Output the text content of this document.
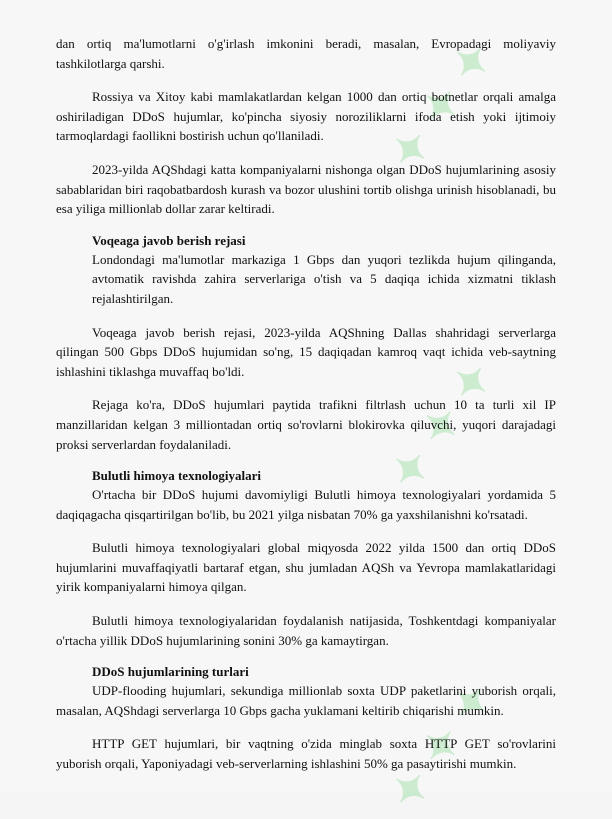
✦ ✦ ✦
✦ ✦ ✦
✦ ✦ ✦

dan ortiq ma'lumotlarni o'g'irlash imkonini beradi, masalan, Evropadagi moliyaviy tashkilotlarga qarshi.

Rossiya va Xitoy kabi mamlakatlardan kelgan 1000 dan ortiq botnetlar orqali amalga oshiriladigan DDoS hujumlar, ko'pincha siyosiy noroziliklarni ifoda etish yoki ijtimoiy tarmoqlardagi faollikni bostirish uchun qo'llaniladi.

2023-yilda AQShdagi katta kompaniyalarni nishonga olgan DDoS hujumlarining asosiy sabablaridan biri raqobatbardosh kurash va bozor ulushini tortib olishga urinish hisoblanadi, bu esa yiliga millionlab dollar zarar keltiradi.

Voqeaga javob berish rejasi

Londondagi ma'lumotlar markaziga 1 Gbps dan yuqori tezlikda hujum qilinganda, avtomatik ravishda zahira serverlariga o'tish va 5 daqiqa ichida xizmatni tiklash rejalashtirilgan.

Voqeaga javob berish rejasi, 2023-yilda AQShning Dallas shahridagi serverlarga qilingan 500 Gbps DDoS hujumidan so'ng, 15 daqiqadan kamroq vaqt ichida veb-saytning ishlashini tiklashga muvaffaq bo'ldi.

Rejaga ko'ra, DDoS hujumlari paytida trafikni filtrlash uchun 10 ta turli xil IP manzillaridan kelgan 3 milliontadan ortiq so'rovlarni blokirovka qiluvchi, yuqori darajadagi proksi serverlardan foydalaniladi.

Bulutli himoya texnologiyalari

O'rtacha bir DDoS hujumi davomiyligi Bulutli himoya texnologiyalari yordamida 5 daqiqagacha qisqartirilgan bo'lib, bu 2021 yilga nisbatan 70% ga yaxshilanishni ko'rsatadi.

Bulutli himoya texnologiyalari global miqyosda 2022 yilda 1500 dan ortiq DDoS hujumlarini muvaffaqiyatli bartaraf etgan, shu jumladan AQSh va Yevropa mamlakatlaridagi yirik kompaniyalarni himoya qilgan.

Bulutli himoya texnologiyalaridan foydalanish natijasida, Toshkentdagi kompaniyalar o'rtacha yillik DDoS hujumlarining sonini 30% ga kamaytirgan.

DDoS hujumlarining turlari

UDP-flooding hujumlari, sekundiga millionlab soxta UDP paketlarini yuborish orqali, masalan, AQShdagi serverlarga 10 Gbps gacha yuklamani keltirib chiqarishi mumkin.

HTTP GET hujumlari, bir vaqtning o'zida minglab soxta HTTP GET so'rovlarini yuborish orqali, Yaponiyadagi veb-serverlarning ishlashini 50% ga pasaytirishi mumkin.
